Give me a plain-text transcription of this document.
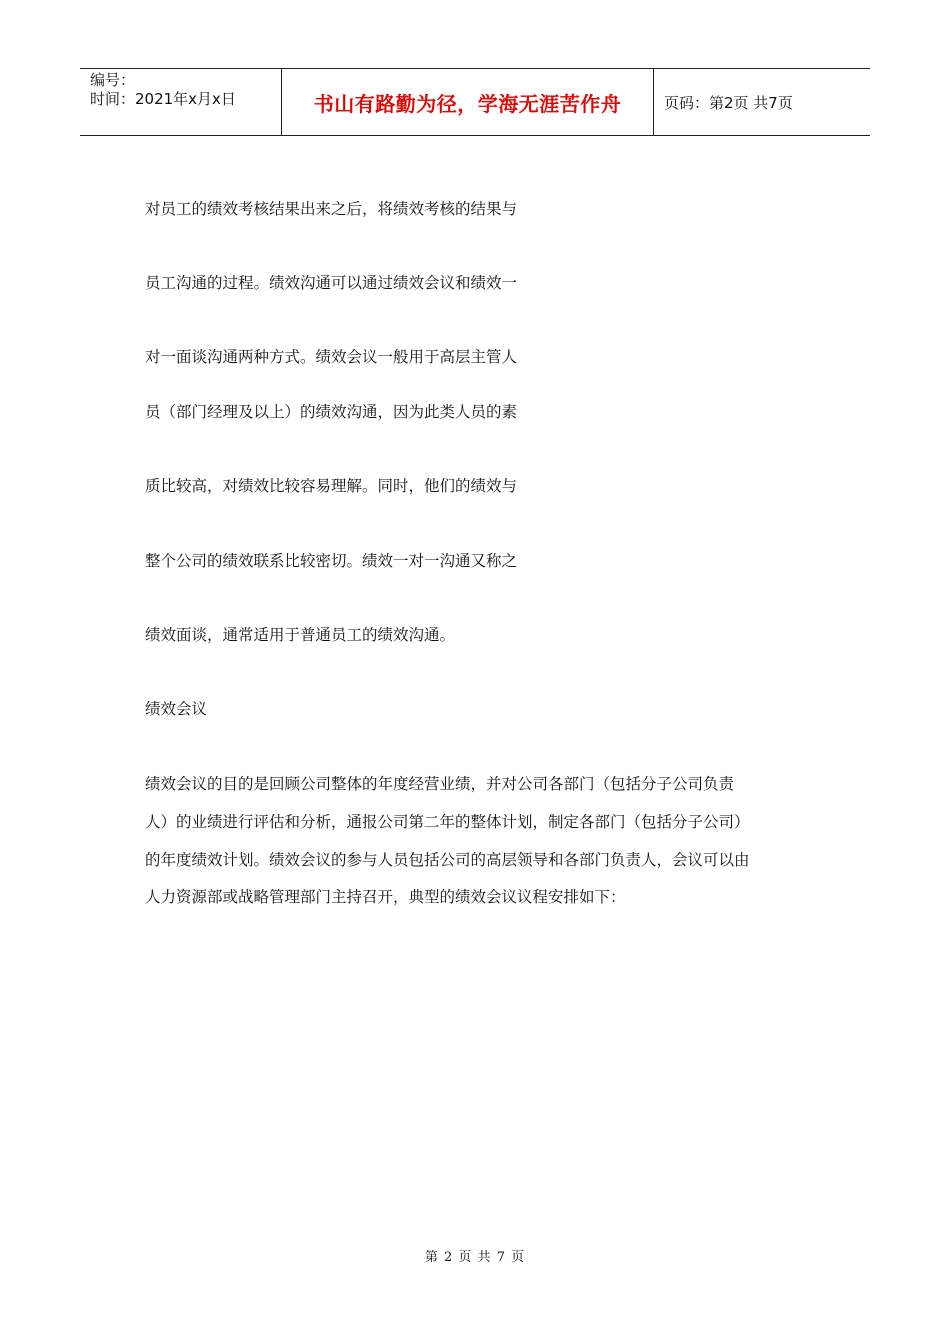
编号：
时间：2021年x月x日	书山有路勤为径，学海无涯苦作舟	页码：第2页 共7页
对员工的绩效考核结果出来之后，将绩效考核的结果与
员工沟通的过程。绩效沟通可以通过绩效会议和绩效一
对一面谈沟通两种方式。绩效会议一般用于高层主管人
员（部门经理及以上）的绩效沟通，因为此类人员的素
质比较高，对绩效比较容易理解。同时，他们的绩效与
整个公司的绩效联系比较密切。绩效一对一沟通又称之
绩效面谈，通常适用于普通员工的绩效沟通。
绩效会议
绩效会议的目的是回顾公司整体的年度经营业绩，并对公司各部门（包括分子公司负责
人）的业绩进行评估和分析，通报公司第二年的整体计划，制定各部门（包括分子公司）
的年度绩效计划。绩效会议的参与人员包括公司的高层领导和各部门负责人，会议可以由
人力资源部或战略管理部门主持召开，典型的绩效会议议程安排如下：
第 2 页 共 7 页
